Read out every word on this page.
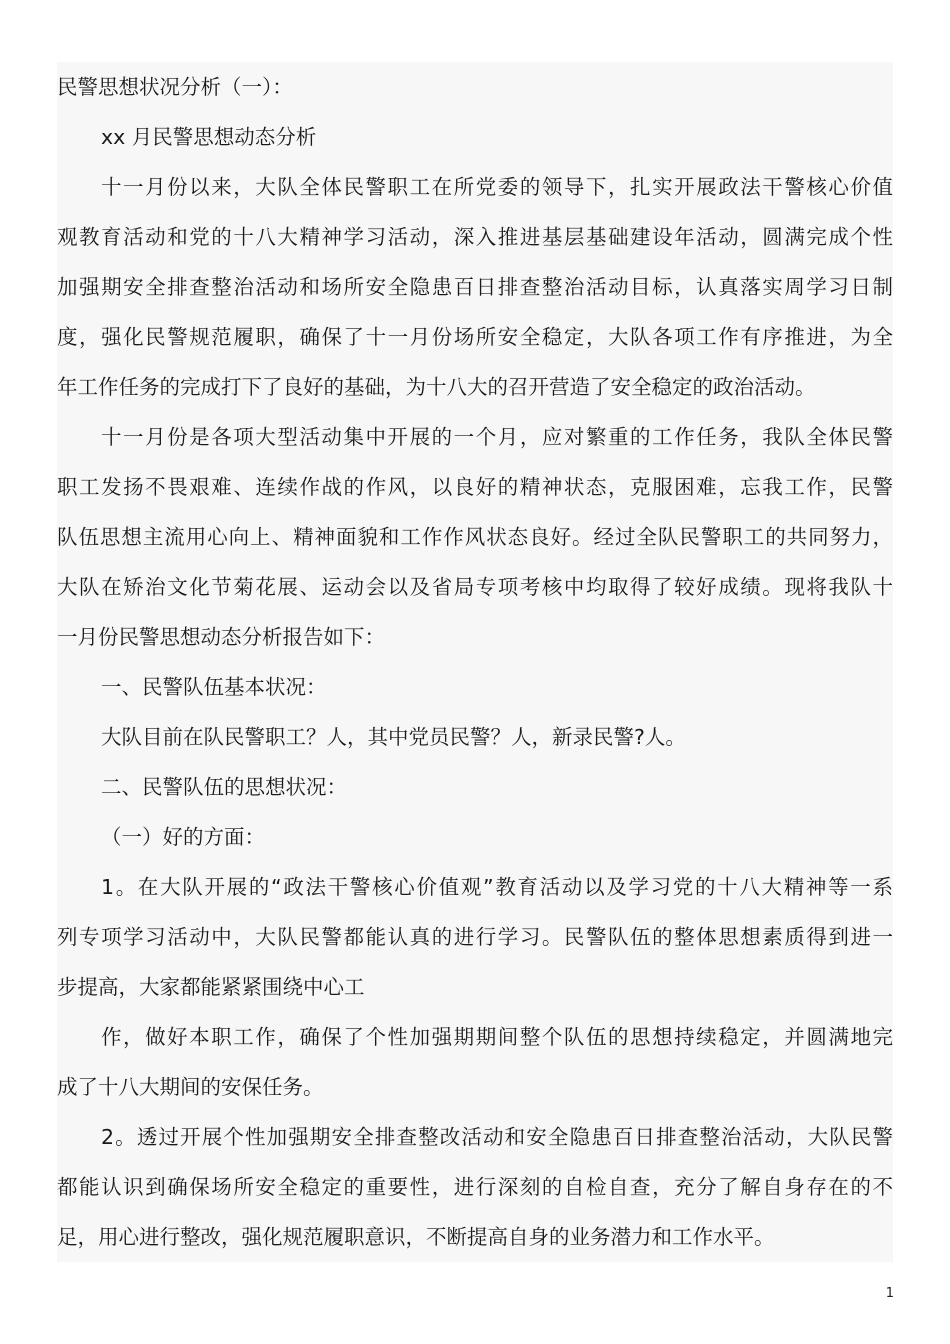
民警思想状况分析（一）：
xx 月民警思想动态分析
十一月份以来，大队全体民警职工在所党委的领导下，扎实开展政法干警核心价值
观教育活动和党的十八大精神学习活动，深入推进基层基础建设年活动，圆满完成个性
加强期安全排查整治活动和场所安全隐患百日排查整治活动目标，认真落实周学习日制
度，强化民警规范履职，确保了十一月份场所安全稳定，大队各项工作有序推进，为全
年工作任务的完成打下了良好的基础，为十八大的召开营造了安全稳定的政治活动。
十一月份是各项大型活动集中开展的一个月，应对繁重的工作任务，我队全体民警
职工发扬不畏艰难、连续作战的作风，以良好的精神状态，克服困难，忘我工作，民警
队伍思想主流用心向上、精神面貌和工作作风状态良好。经过全队民警职工的共同努力，
大队在矫治文化节菊花展、运动会以及省局专项考核中均取得了较好成绩。现将我队十
一月份民警思想动态分析报告如下：
一、民警队伍基本状况：
大队目前在队民警职工？人，其中党员民警？人，新录民警?人。
二、民警队伍的思想状况：
（一）好的方面：
1。在大队开展的“政法干警核心价值观”教育活动以及学习党的十八大精神等一系
列专项学习活动中，大队民警都能认真的进行学习。民警队伍的整体思想素质得到进一
步提高，大家都能紧紧围绕中心工
作，做好本职工作，确保了个性加强期期间整个队伍的思想持续稳定，并圆满地完
成了十八大期间的安保任务。
2。透过开展个性加强期安全排查整改活动和安全隐患百日排查整治活动，大队民警
都能认识到确保场所安全稳定的重要性，进行深刻的自检自查，充分了解自身存在的不
足，用心进行整改，强化规范履职意识，不断提高自身的业务潜力和工作水平。
1
